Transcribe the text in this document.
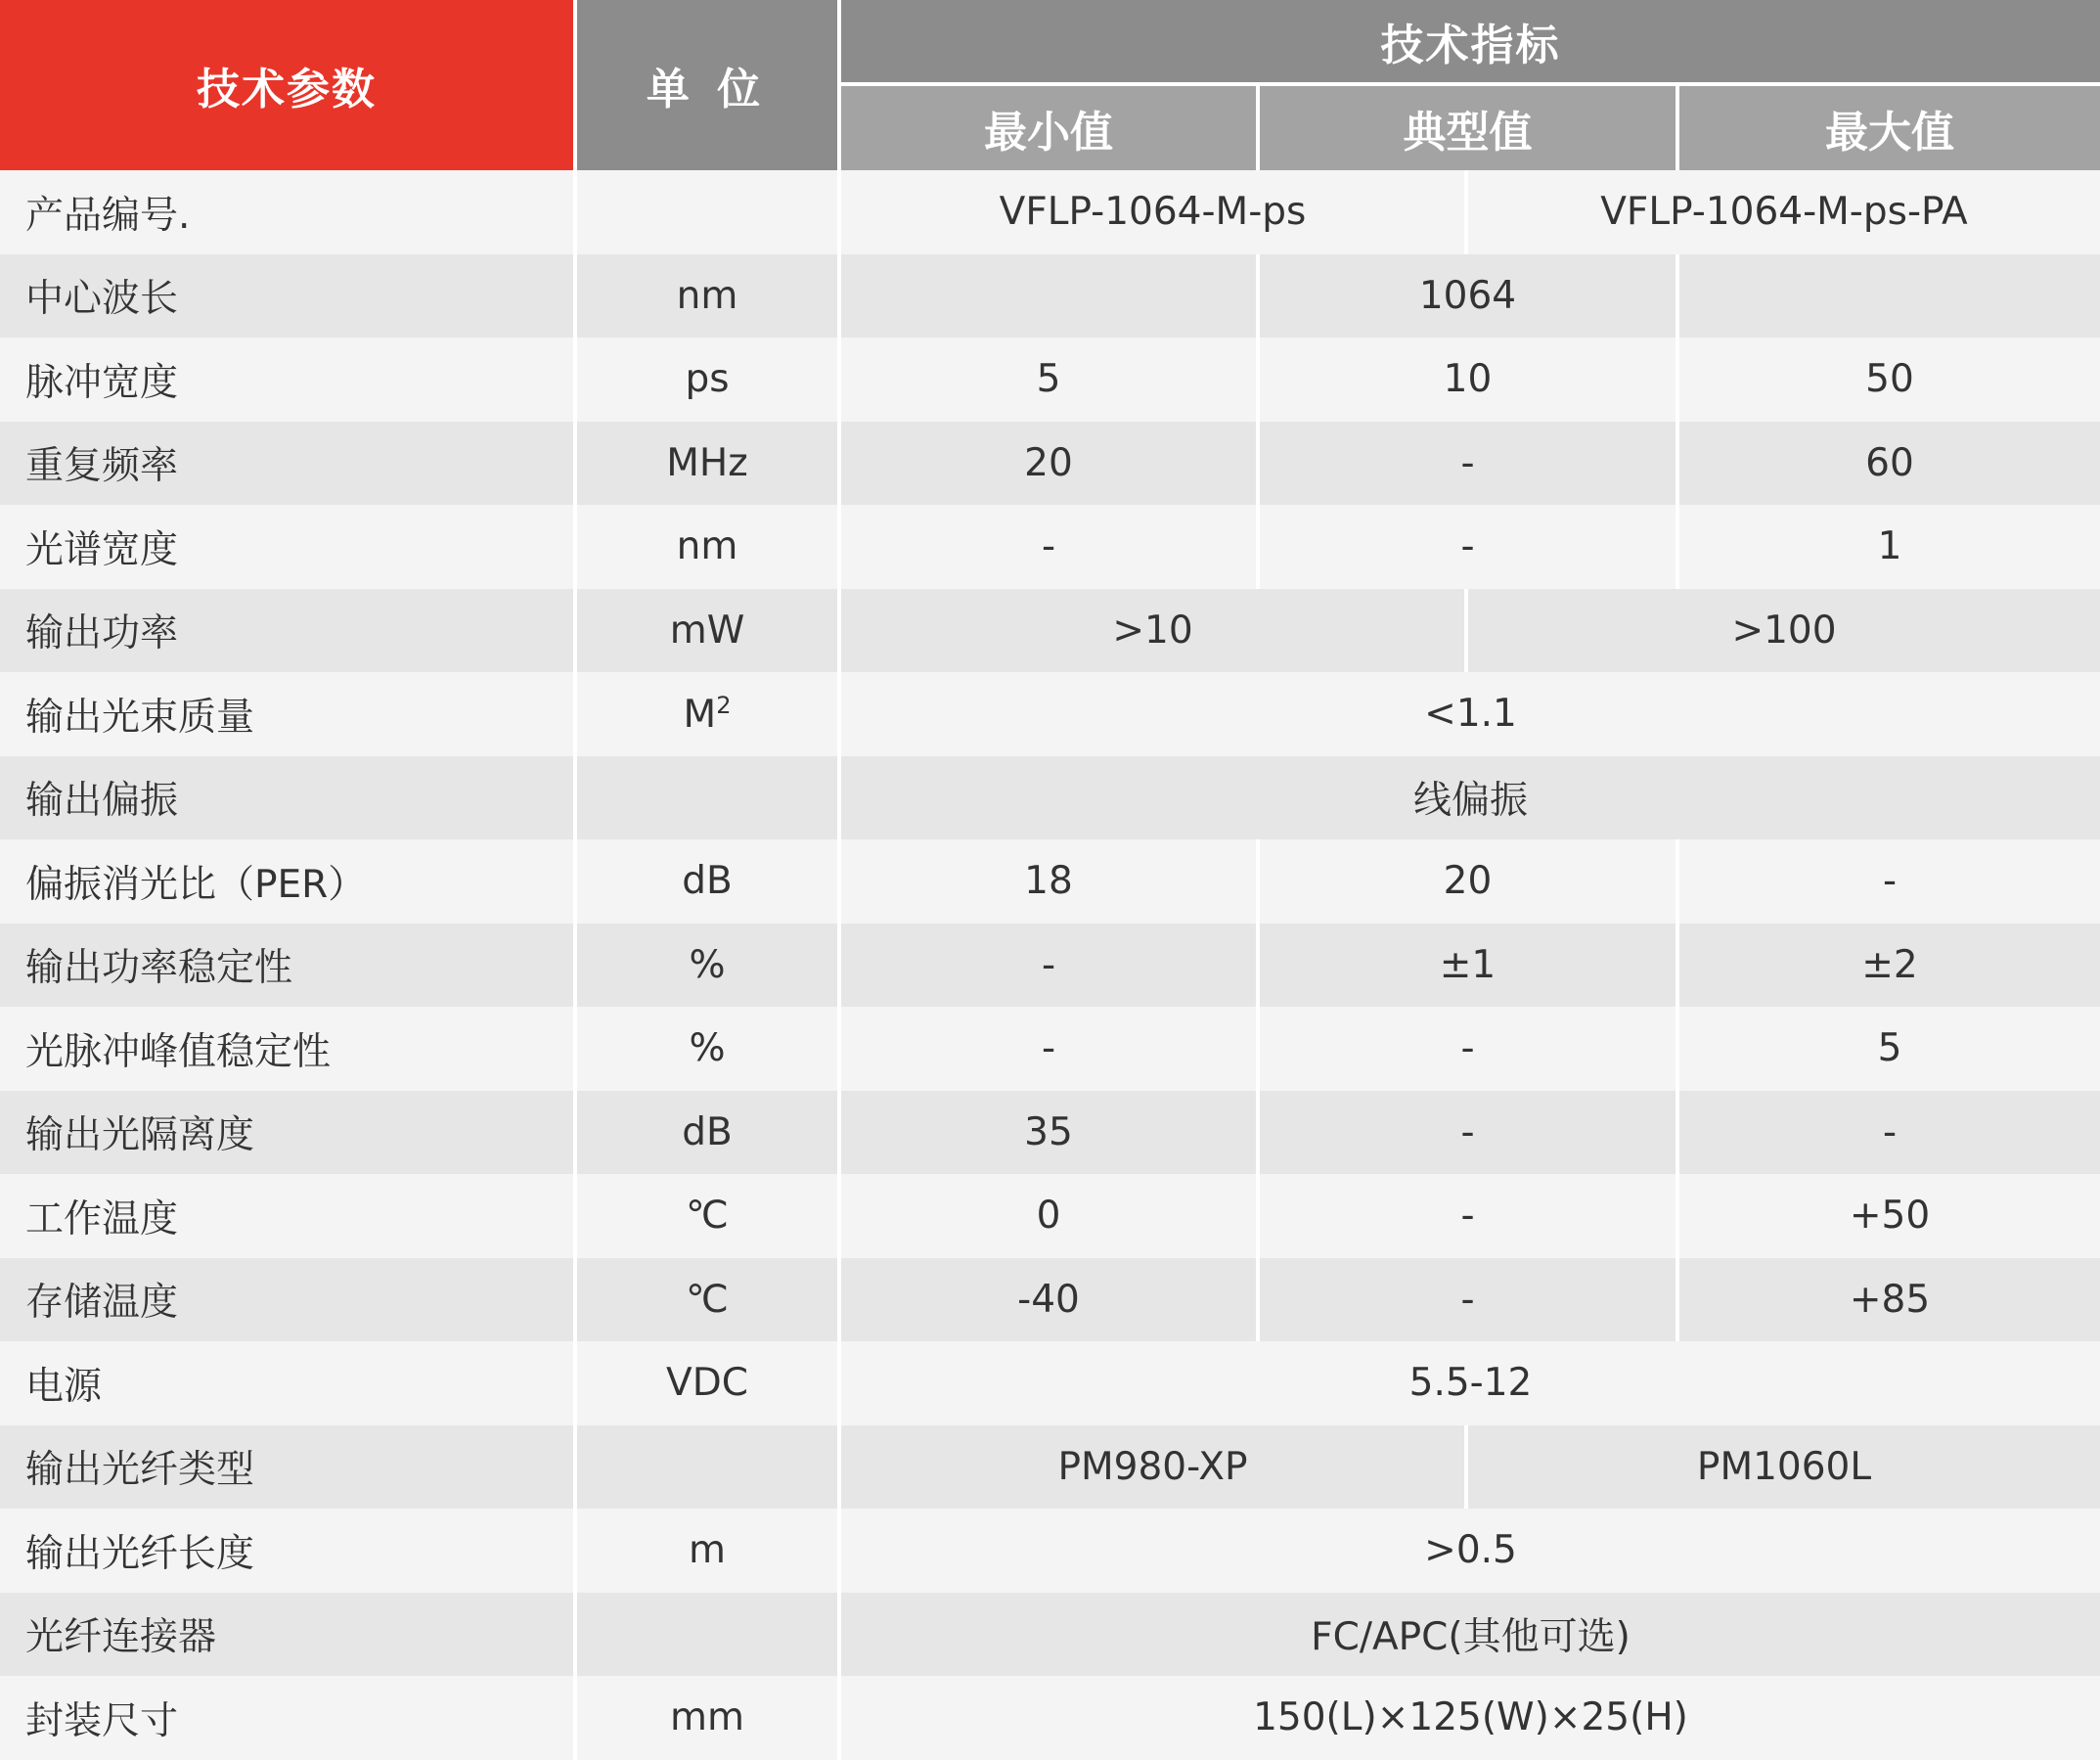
技术参数	单 位	技术指标			
		最小值	典型值		最大值
产品编号.		VFLP-1064-M-ps		VFLP-1064-M-ps-PA	
中心波长	nm		1064		
脉冲宽度	ps	5	10		50
重复频率	MHz	20	-		60
光谱宽度	nm	-	-		1
输出功率	mW	>10		>100	
输出光束质量	$M^2$	<1.1			
输出偏振		线偏振			
偏振消光比（PER）	dB	18	20		-
输出功率稳定性	%	-	±1		±2
光脉冲峰值稳定性	%	-	-		5
输出光隔离度	dB	35	-		-
工作温度	℃	0	-		+50
存储温度	℃	-40	-		+85
电源	VDC	5.5-12			
输出光纤类型		PM980-XP		PM1060L	
输出光纤长度	m	>0.5			
光纤连接器		FC/APC(其他可选)			
封装尺寸	mm	150(L)×125(W)×25(H)			
